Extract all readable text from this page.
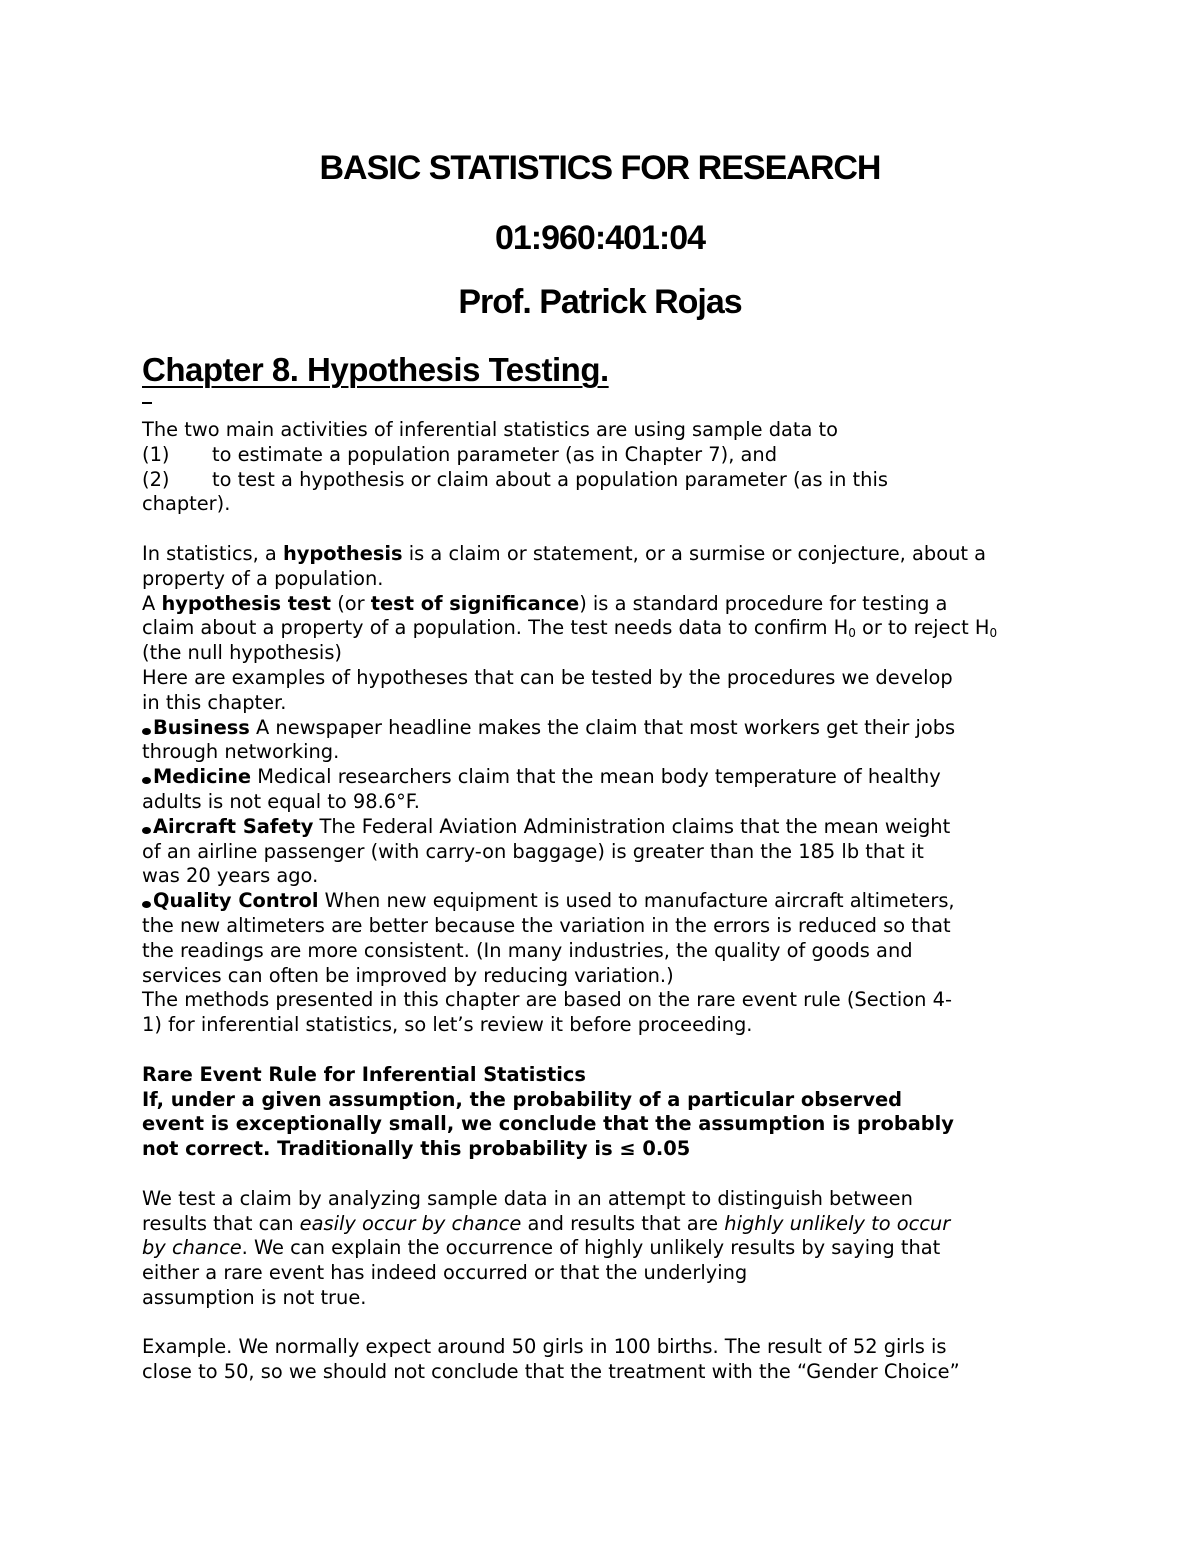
BASIC STATISTICS FOR RESEARCH
01:960:401:04
Prof. Patrick Rojas
Chapter 8. Hypothesis Testing.

The two main activities of inferential statistics are using sample data to

(1) to estimate a population parameter (as in Chapter 7), and

(2) to test a hypothesis or claim about a population parameter (as in this

chapter).

In statistics, a hypothesis is a claim or statement, or a surmise or conjecture, about a

property of a population.

A hypothesis test (or test of significance) is a standard procedure for testing a

claim about a property of a population. The test needs data to confirm $H_0$ or to reject $H_0$

(the null hypothesis)

Here are examples of hypotheses that can be tested by the procedures we develop

in this chapter.

Business A newspaper headline makes the claim that most workers get their jobs

through networking.

Medicine Medical researchers claim that the mean body temperature of healthy

adults is not equal to 98.6°F.

Aircraft Safety The Federal Aviation Administration claims that the mean weight

of an airline passenger (with carry-on baggage) is greater than the 185 lb that it

was 20 years ago.

Quality Control When new equipment is used to manufacture aircraft altimeters,

the new altimeters are better because the variation in the errors is reduced so that

the readings are more consistent. (In many industries, the quality of goods and

services can often be improved by reducing variation.)

The methods presented in this chapter are based on the rare event rule (Section 4-

1) for inferential statistics, so let’s review it before proceeding.

Rare Event Rule for Inferential Statistics

If, under a given assumption, the probability of a particular observed

event is exceptionally small, we conclude that the assumption is probably

not correct. Traditionally this probability is ≤ 0.05

We test a claim by analyzing sample data in an attempt to distinguish between

results that can easily occur by chance and results that are highly unlikely to occur

by chance. We can explain the occurrence of highly unlikely results by saying that

either a rare event has indeed occurred or that the underlying

assumption is not true.

Example. We normally expect around 50 girls in 100 births. The result of 52 girls is

close to 50, so we should not conclude that the treatment with the “Gender Choice”
